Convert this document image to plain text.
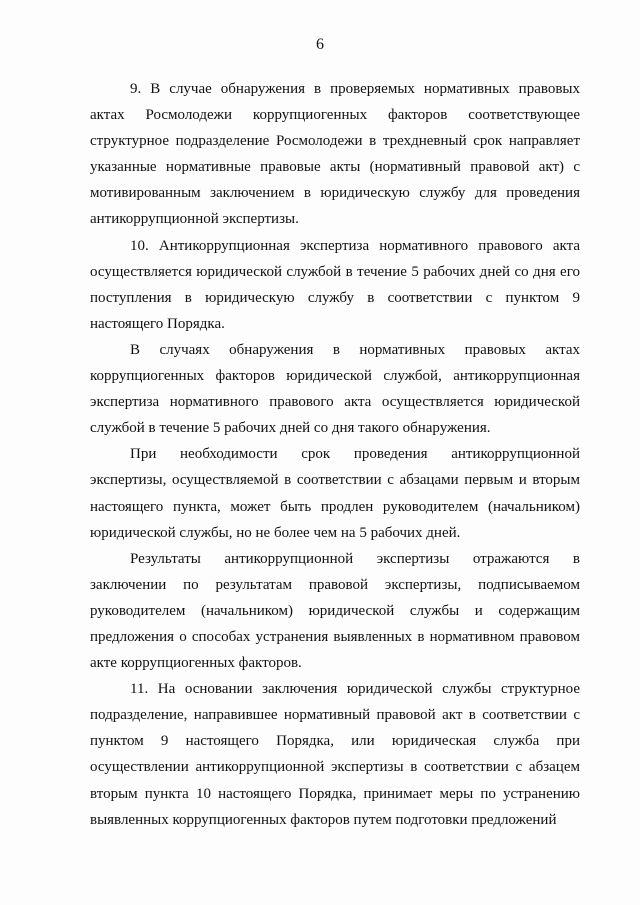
6

9. В случае обнаружения в проверяемых нормативных правовых актах Росмолодежи коррупциогенных факторов соответствующее структурное подразделение Росмолодежи в трехдневный срок направляет указанные нормативные правовые акты (нормативный правовой акт) с мотивированным заключением в юридическую службу для проведения антикоррупционной экспертизы.

10. Антикоррупционная экспертиза нормативного правового акта осуществляется юридической службой в течение 5 рабочих дней со дня его поступления в юридическую службу в соответствии с пунктом 9 настоящего Порядка.

В случаях обнаружения в нормативных правовых актах коррупциогенных факторов юридической службой, антикоррупционная экспертиза нормативного правового акта осуществляется юридической службой в течение 5 рабочих дней со дня такого обнаружения.

При необходимости срок проведения антикоррупционной экспертизы, осуществляемой в соответствии с абзацами первым и вторым настоящего пункта, может быть продлен руководителем (начальником) юридической службы, но не более чем на 5 рабочих дней.

Результаты антикоррупционной экспертизы отражаются в заключении по результатам правовой экспертизы, подписываемом руководителем (начальником) юридической службы и содержащим предложения о способах устранения выявленных в нормативном правовом акте коррупциогенных факторов.

11. На основании заключения юридической службы структурное подразделение, направившее нормативный правовой акт в соответствии с пунктом 9 настоящего Порядка, или юридическая служба при осуществлении антикоррупционной экспертизы в соответствии с абзацем вторым пункта 10 настоящего Порядка, принимает меры по устранению выявленных коррупциогенных факторов путем подготовки предложений
